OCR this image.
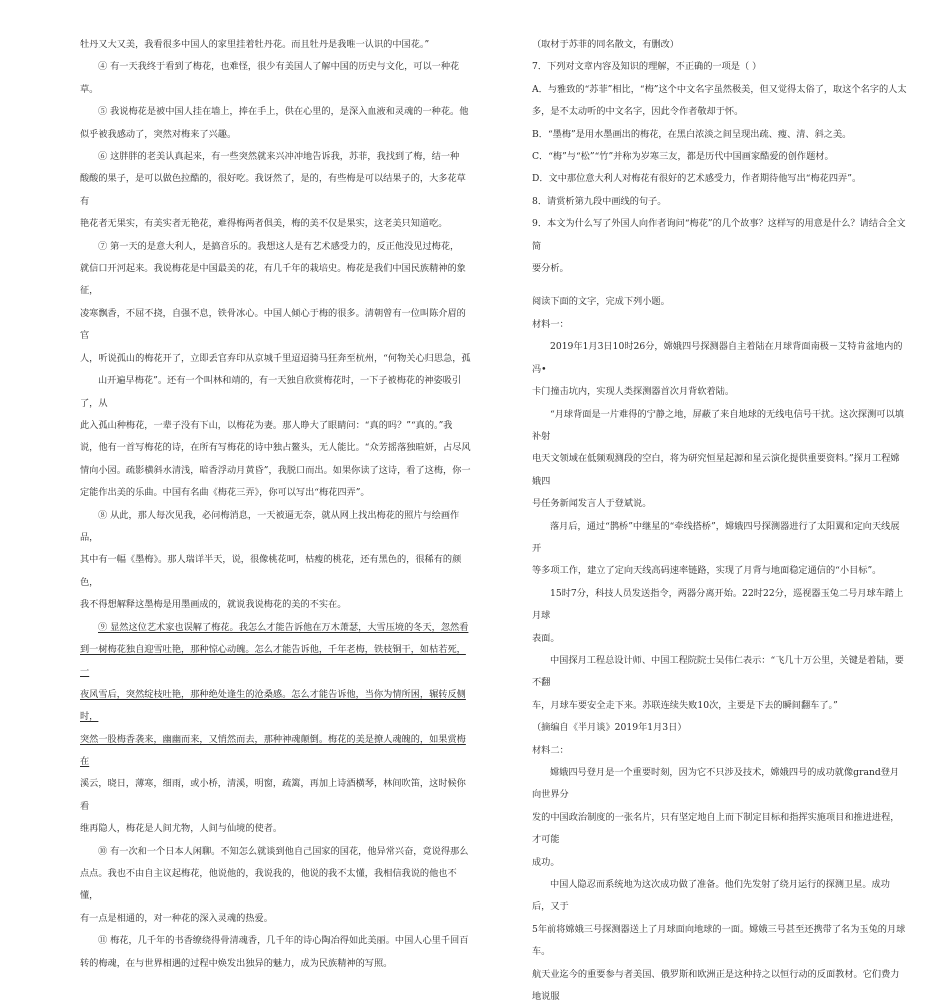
牡丹又大又美，我看很多中国人的家里挂着牡丹花。而且牡丹是我唯一认识的中国花。”

④ 有一天我终于看到了梅花，也难怪，很少有美国人了解中国的历史与文化，可以一种花草。

⑤ 我说梅花是被中国人挂在墙上，捧在手上，供在心里的，是深入血液和灵魂的一种花。他

似乎被我感动了，突然对梅来了兴趣。

⑥ 这胖胖的老美认真起来，有一些突然就来兴冲冲地告诉我，苏菲，我找到了梅，结一种

酸酸的果子，是可以做色拉酷的，很好吃。我讶然了，是的，有些梅是可以结果子的，大多花草有

艳花者无果实，有美实者无艳花，难得梅两者俱美，梅的美不仅是果实，这老美只知道吃。

⑦ 第一天的是意大利人，是搞音乐的。我想这人是有艺术感受力的，反正他没见过梅花，

就信口开河起来。我说梅花是中国最美的花，有几千年的栽培史。梅花是我们中国民族精神的象征，

凌寒飘香，不屈不挠，自强不息，铁骨冰心。中国人倾心于梅的很多。清朝曾有一位叫陈介眉的官

人，听说孤山的梅花开了，立即丢官弃印从京城千里迢迢骑马狂奔至杭州，“何物关心归思急，孤

山开遍早梅花”。还有一个叫林和靖的，有一天独自欣赏梅花时，一下子被梅花的神姿吸引了，从

此入孤山种梅花，一辈子没有下山，以梅花为妻。那人睁大了眼睛问：“真的吗？”“真的。”我

说，他有一首写梅花的诗，在所有写梅花的诗中独占鳌头，无人能比。“众芳摇落独暄妍，占尽风

情向小园。疏影横斜水清浅，暗香浮动月黄昏”，我脱口而出。如果你读了这诗，看了这梅，你一

定能作出美的乐曲。中国有名曲《梅花三弄》，你可以写出“梅花四弄”。

⑧ 从此，那人每次见我，必问梅消息，一天被逼无奈，就从网上找出梅花的照片与绘画作品，

其中有一幅《墨梅》。那人瑞详半天，说，很像桃花呵，枯瘦的桃花，还有黑色的，很稀有的颜色，

我不得想解释这墨梅是用墨画成的，就说我说梅花的美的不实在。

⑨ 显然这位艺术家也误解了梅花。我怎么才能告诉他在万木萧瑟，大雪压境的冬天，忽然看

到一树梅花独自迎雪吐艳，那种惊心动魄。怎么才能告诉他，千年老梅，铁枝铜干，如枯若死，一

夜风雪后，突然绽枝吐艳，那种绝处逢生的沧桑感。怎么才能告诉他，当你为情所困，辗转反侧时，

突然一股梅香袭来，幽幽而来，又悄然而去，那种神魂颠倒。梅花的美是撩人魂魄的，如果赏梅在

溪云，晓日，薄寒，细雨，或小桥，清溪，明窗，疏篱，再加上诗酒横琴，林间吹笛，这时候你看

维再隐人，梅花是人间尤物，人间与仙境的使者。

⑩ 有一次和一个日本人闲聊。不知怎么就谈到他自己国家的国花，他异常兴奋，竟说得那么

点点。我也不由自主议起梅花，他说他的，我说我的，他说的我不太懂，我相信我说的他也不懂，

有一点是相通的，对一种花的深入灵魂的热爱。

⑪ 梅花，几千年的书香缭绕得骨清魂香，几千年的诗心陶冶得如此美丽。中国人心里千回百

转的梅魂，在与世界相遇的过程中焕发出独异的魅力，成为民族精神的写照。

（取材于苏菲的同名散文，有删改）

7．下列对文章内容及知识的理解，不正确的一项是（ ）

A．与雅致的“苏菲”相比，“梅”这个中文名字虽然极美，但又觉得太俗了，取这个名字的人太

多，是不太动听的中文名字，因此令作者敬却于怀。

B．“墨梅”是用水墨画出的梅花，在黑白浓淡之间呈现出疏、瘦、清、斜之美。

C．“梅”与“松”“竹”并称为岁寒三友，都是历代中国画家酷爱的创作题材。

D．文中那位意大利人对梅花有很好的艺术感受力，作者期待他写出“梅花四弄”。

8．请赏析第九段中画线的句子。

9．本文为什么写了外国人向作者询问“梅花”的几个故事？这样写的用意是什么？请结合全文简

要分析。

阅读下面的文字，完成下列小题。

材料一：

2019年1月3日10时26分，嫦娥四号探测器自主着陆在月球背面南极－艾特肯盆地内的冯•

卡门撞击坑内，实现人类探测器首次月背软着陆。

“月球背面是一片难得的宁静之地，屏蔽了来自地球的无线电信号干扰。这次探测可以填补射

电天文领域在低频观测段的空白，将为研究恒星起源和星云演化提供重要资料。”探月工程嫦娥四

号任务新闻发言人于登斌说。

落月后，通过“鹊桥”中继星的“牵线搭桥”，嫦娥四号探测器进行了太阳翼和定向天线展开

等多项工作，建立了定向天线高码速率链路，实现了月背与地面稳定通信的“小目标”。

15时7分，科技人员发送指令，两器分离开始。22时22分，巡视器玉兔二号月球车踏上月球

表面。

中国探月工程总设计师、中国工程院院士吴伟仁表示：“飞几十万公里，关键是着陆，要不翻

车，月球车要安全走下来。苏联连续失败10次，主要是下去的瞬间翻车了。”

（摘编自《半月谈》2019年1月3日）

材料二：

嫦娥四号登月是一个重要时刻，因为它不只涉及技术，嫦娥四号的成功就像grand登月向世界分

发的中国政治制度的一张名片，只有坚定地自上而下制定目标和指挥实施项目和推进进程，才可能

成功。

中国人隐忍而系统地为这次成功做了准备。他们先发射了绕月运行的探测卫星。成功后，又于

5年前将嫦娥三号探测器送上了月球面向地球的一面。嫦娥三号甚至还携带了名为玉兔的月球车。

航天业迄今的重要参与者美国、俄罗斯和欧洲正是这种持之以恒行动的反面教材。它们费力地说服
